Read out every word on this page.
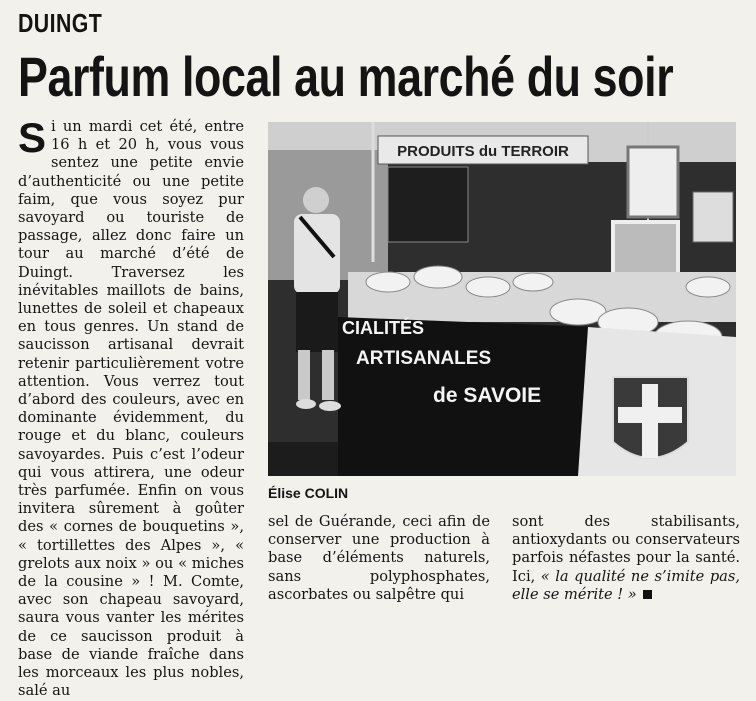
DUINGT
Parfum local au marché du soir
Si un mardi cet été, entre 16 h et 20 h, vous vous sentez une petite envie d’authenticité ou une petite faim, que vous soyez pur savoyard ou touriste de passage, allez donc faire un tour au marché d’été de Duingt. Traversez les inévitables maillots de bains, lunettes de soleil et chapeaux en tous genres. Un stand de saucisson artisanal devrait retenir particulièrement votre attention. Vous verrez tout d’abord des couleurs, avec en dominante évidemment, du rouge et du blanc, couleurs savoyardes. Puis c’est l’odeur qui vous attirera, une odeur très parfumée. Enfin on vous invitera sûrement à goûter des « cornes de bouquetins », « tortillettes des Alpes », « grelots aux noix » ou « miches de la cousine » ! M. Comte, avec son chapeau savoyard, saura vous vanter les mérites de ce saucisson produit à base de viande fraîche dans les morceaux les plus nobles, salé au
PRODUITS du TERROIR
CIALITÉS
ARTISANALES
de SAVOIE
Élise COLIN
sel de Guérande, ceci afin de conserver une production à base d’éléments naturels, sans polyphosphates, ascorbates ou salpêtre qui
sont des stabilisants, antioxydants ou conservateurs parfois néfastes pour la santé. Ici, « la qualité ne s’imite pas, elle se mérite ! »
